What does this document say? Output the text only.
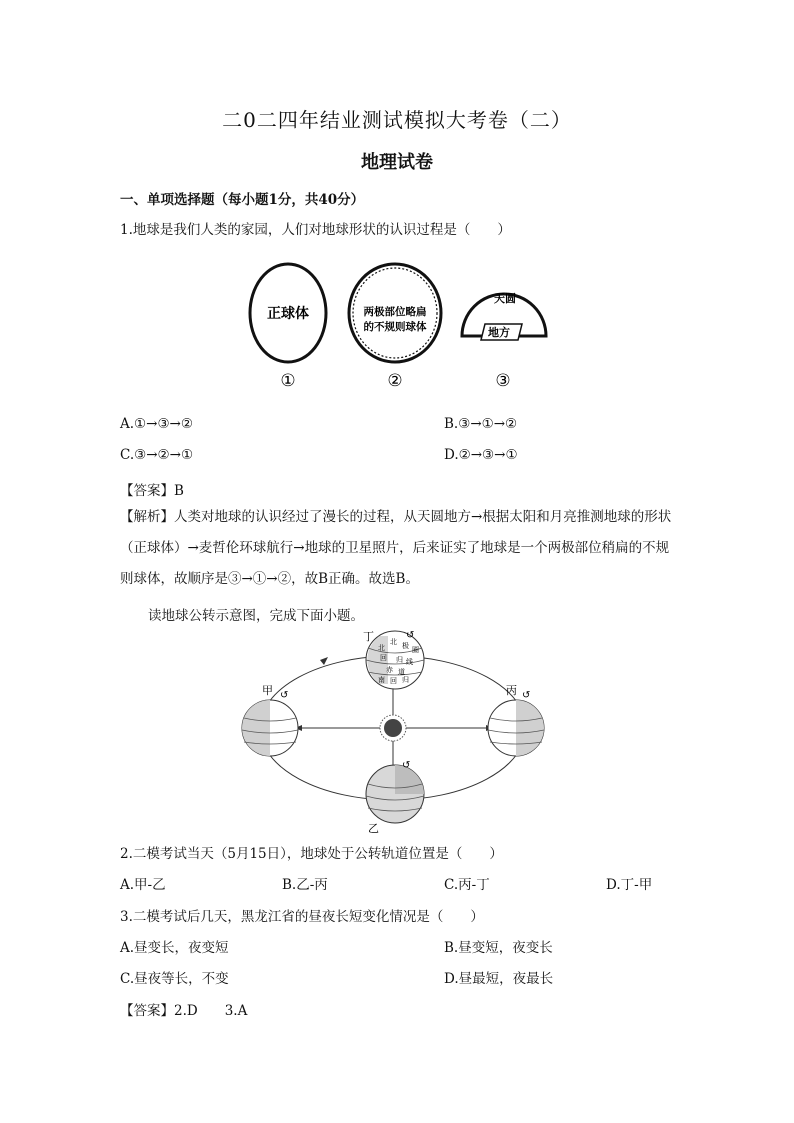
二0二四年结业测试模拟大考卷（二）
地理试卷
一、单项选择题（每小题1分，共40分）
1.地球是我们人类的家园，人们对地球形状的认识过程是（　　）
正球体	两极部位略扁
的不规则球体
天圆
地方
①	②	③
A.①→③→②	B.③→①→②
C.③→②→①	D.②→③→①
【答案】B
【解析】人类对地球的认识经过了漫长的过程，从天圆地方→根据太阳和月亮推测地球的形状（正球体）→麦哲伦环球航行→地球的卫星照片，后来证实了地球是一个两极部位稍扁的不规则球体，故顺序是③→①→②，故B正确。故选B。
读地球公转示意图，完成下面小题。
北
北 极 圈
回 归 线
赤 道
南 回 归
↺
丁
↺
甲	↺
丙
↺
乙
2.二模考试当天（5月15日），地球处于公转轨道位置是（　　）
A.甲-乙	B.乙-丙	C.丙-丁	D.丁-甲
3.二模考试后几天，黑龙江省的昼夜长短变化情况是（　　）
A.昼变长，夜变短	B.昼变短，夜变长
C.昼夜等长，不变	D.昼最短，夜最长
【答案】2.D　　3.A
